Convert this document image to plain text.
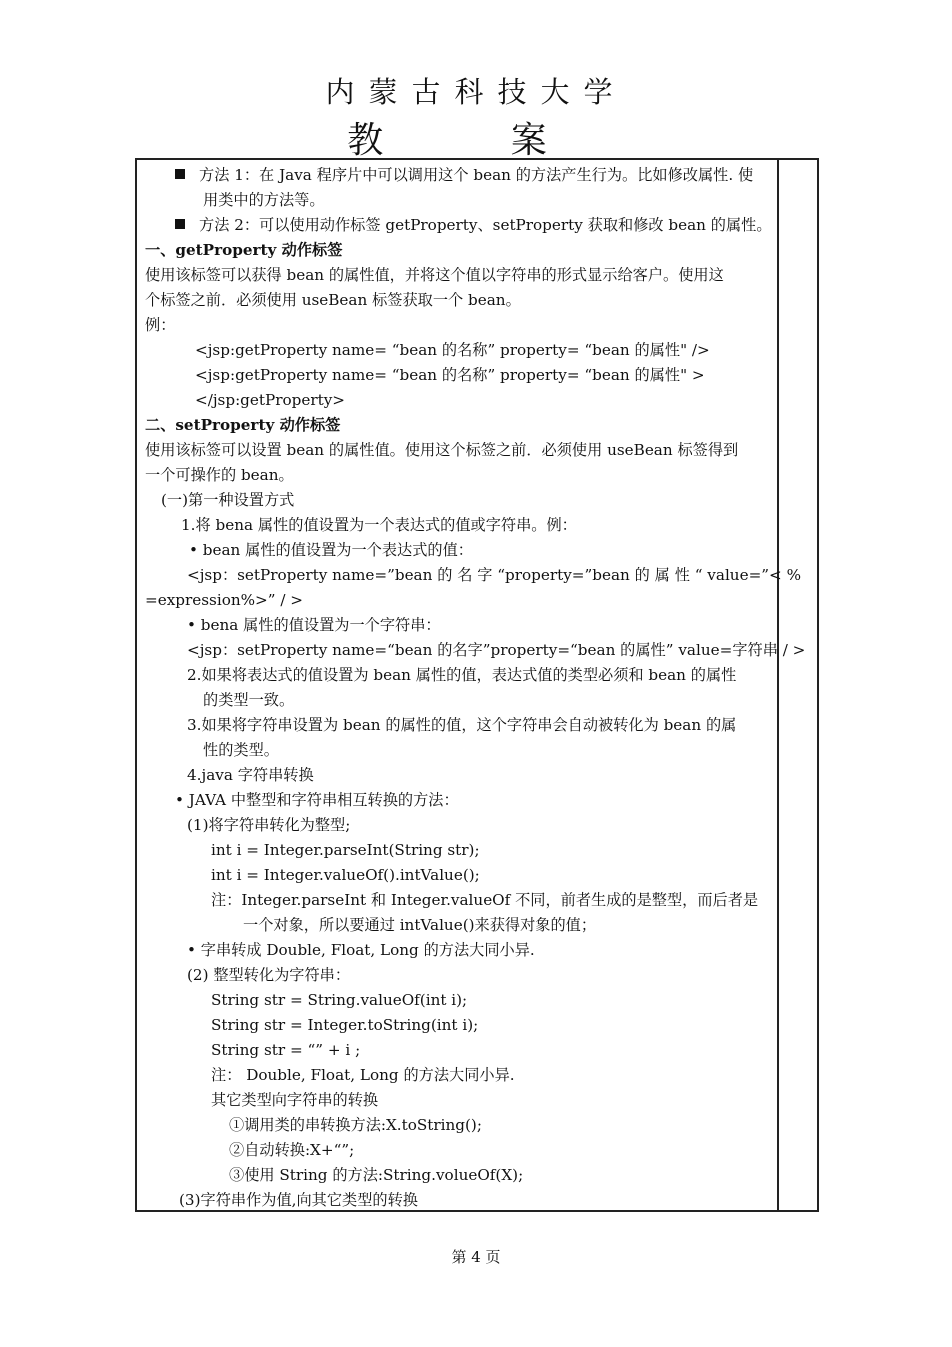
内蒙古科技大学
教 案
方法 1：在 Java 程序片中可以调用这个 bean 的方法产生行为。比如修改属性. 使
用类中的方法等。
方法 2：可以使用动作标签 getProperty、setProperty 获取和修改 bean 的属性。
一、getProperty 动作标签
使用该标签可以获得 bean 的属性值，并将这个值以字符串的形式显示给客户。使用这
个标签之前．必须使用 useBean 标签获取一个 bean。
例：
<jsp:getProperty name= “bean 的名称” property= “bean 的属性" />
<jsp:getProperty name= “bean 的名称” property= “bean 的属性" >
</jsp:getProperty>
二、setProperty 动作标签
使用该标签可以设置 bean 的属性值。使用这个标签之前．必须使用 useBean 标签得到
一个可操作的 bean。
(一)第一种设置方式
1.将 bena 属性的值设置为一个表达式的值或字符串。例：
• bean 属性的值设置为一个表达式的值：
<jsp：setProperty name=”bean 的 名 字 “property=”bean 的 属 性 “ value=”< %
=expression%>” / >
• bena 属性的值设置为一个字符串：
<jsp：setProperty name=“bean 的名字”property=“bean 的属性” value=字符串 / >
2.如果将表达式的值设置为 bean 属性的值，表达式值的类型必须和 bean 的属性
的类型一致。
3.如果将字符串设置为 bean 的属性的值，这个字符串会自动被转化为 bean 的属
性的类型。
4.java 字符串转换
• JAVA 中整型和字符串相互转换的方法：
(1)将字符串转化为整型;
int i = Integer.parseInt(String str);
int i = Integer.valueOf().intValue();
注：Integer.parseInt 和 Integer.valueOf 不同，前者生成的是整型，而后者是
一个对象，所以要通过 intValue()来获得对象的值；
• 字串转成 Double, Float, Long 的方法大同小异.
(2) 整型转化为字符串：
String str = String.valueOf(int i);
String str = Integer.toString(int i);
String str = “” + i ;
注： Double, Float, Long 的方法大同小异.
其它类型向字符串的转换
①调用类的串转换方法:X.toString();
②自动转换:X+“”;
③使用 String 的方法:String.volueOf(X);
(3)字符串作为值,向其它类型的转换
第 4 页
